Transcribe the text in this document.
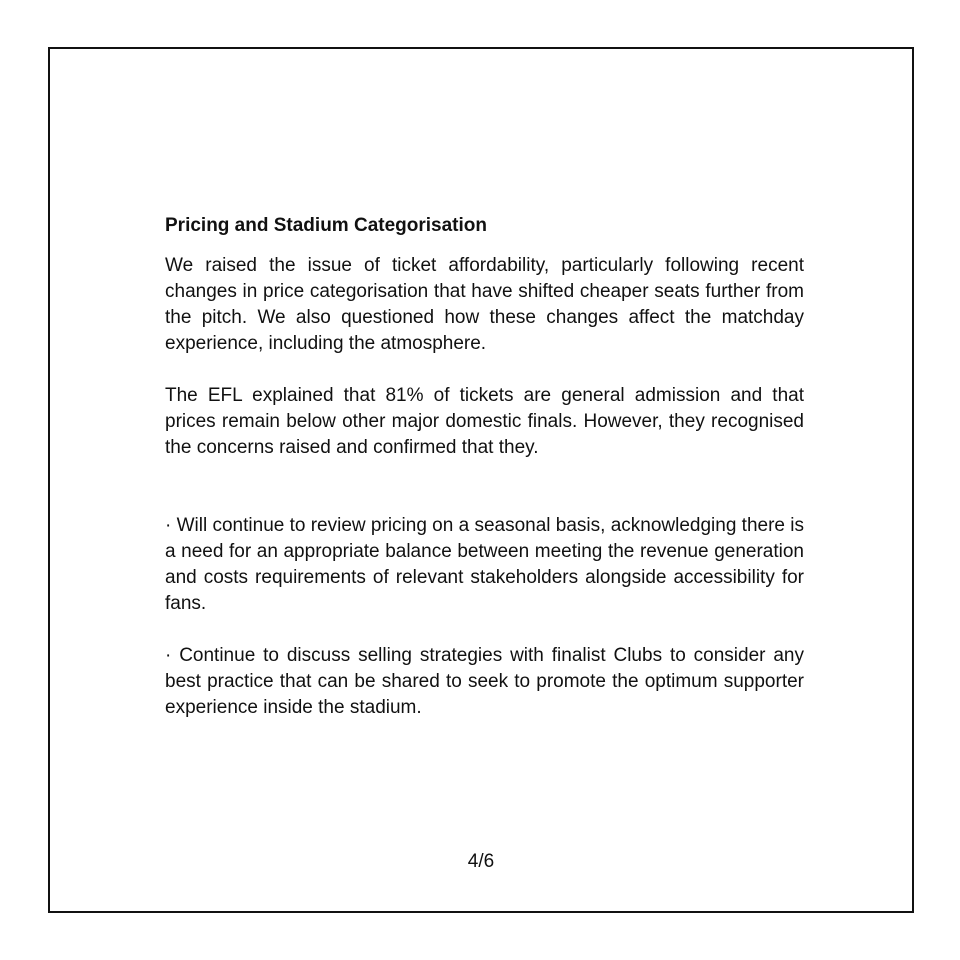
Pricing and Stadium Categorisation

We raised the issue of ticket affordability, particularly following recent changes in price categorisation that have shifted cheaper seats further from the pitch. We also questioned how these changes affect the matchday experience, including the atmosphere.

The EFL explained that 81% of tickets are general admission and that prices remain below other major domestic finals. However, they recognised the concerns raised and confirmed that they.

· Will continue to review pricing on a seasonal basis, acknowledging there is a need for an appropriate balance between meeting the revenue generation and costs requirements of relevant stakeholders alongside accessibility for fans.

· Continue to discuss selling strategies with finalist Clubs to consider any best practice that can be shared to seek to promote the optimum supporter experience inside the stadium.

4/6
